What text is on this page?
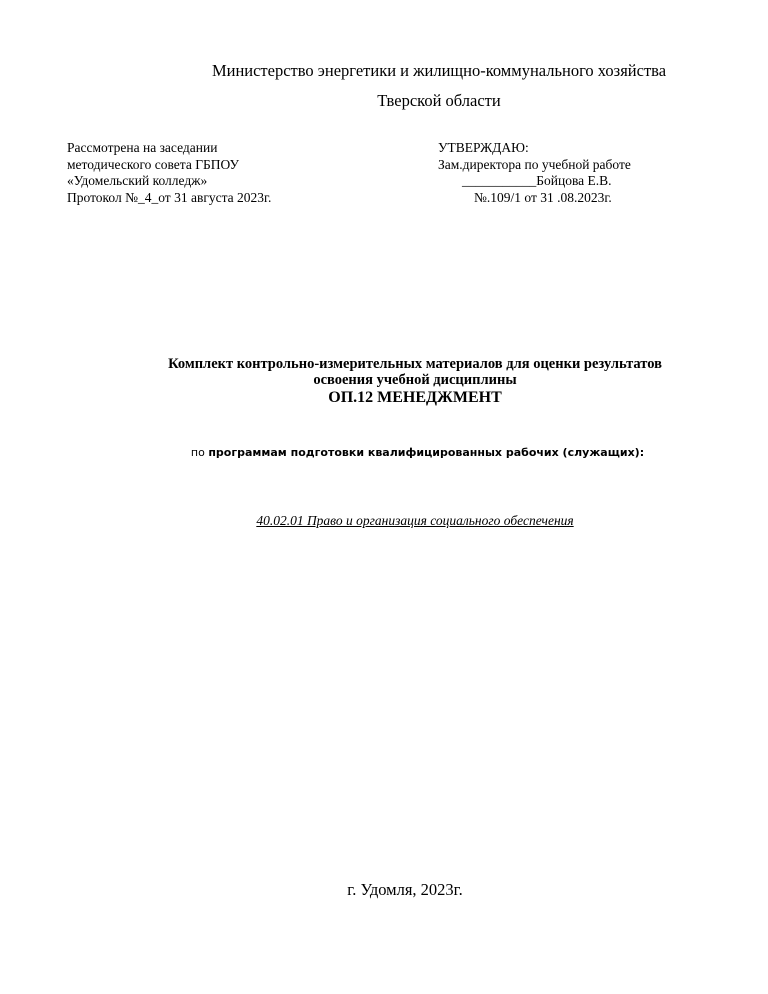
Министерство энергетики и жилищно-коммунального хозяйства
Тверской области
Рассмотрена на заседании
методического совета ГБПОУ
«Удомельский колледж»
Протокол №_4_от 31 августа 2023г.
УТВЕРЖДАЮ:
Зам.директора по учебной работе
___________Бойцова Е.В.
№.109/1 от 31 .08.2023г.
Комплект контрольно-измерительных материалов для оценки результатов
освоения учебной дисциплины
ОП.12 МЕНЕДЖМЕНТ
по программам подготовки квалифицированных рабочих (служащих):
40.02.01 Право и организация социального обеспечения
г. Удомля, 2023г.
